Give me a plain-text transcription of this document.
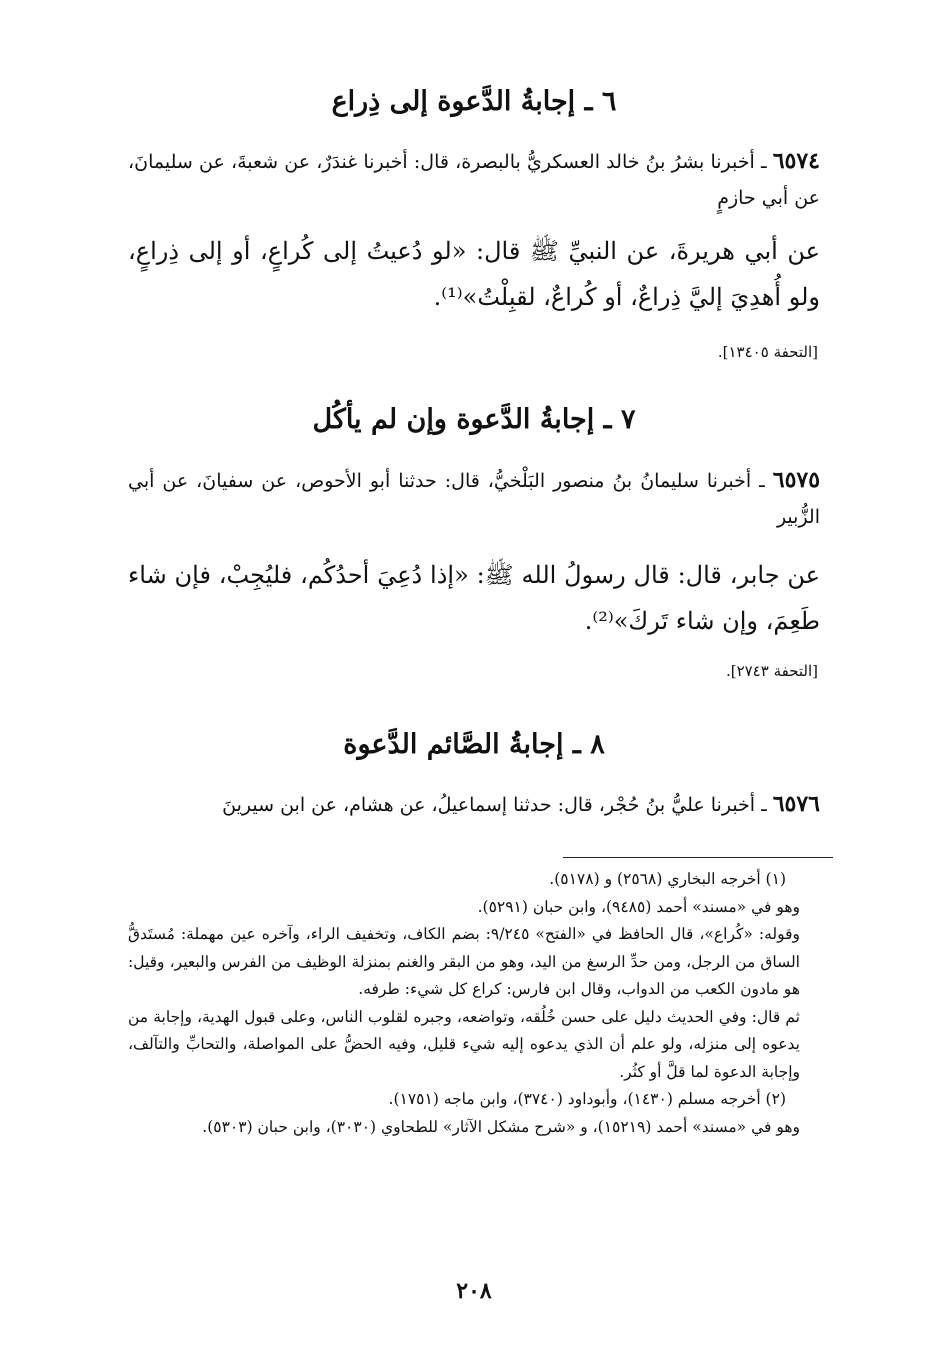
٦ ـ إجابةُ الدَّعوة إلى ذِراع
٦٥٧٤ ـ أخبرنا بشرُ بنُ خالد العسكريُّ بالبصرة، قال: أخبرنا غندَرٌ، عن شعبةَ، عن سليمانَ، عن أبي حازمٍ
عن أبي هريرةَ، عن النبيِّ ﷺ قال: «لو دُعيتُ إلى كُراعٍ، أو إلى ذِراعٍ، ولو أُهدِيَ إليَّ ذِراعٌ، أو كُراعٌ، لقبِلْتُ»⁽¹⁾.
[التحفة ١٣٤٠٥].
٧ ـ إجابةُ الدَّعوة وإن لم يأكُل
٦٥٧٥ ـ أخبرنا سليمانُ بنُ منصور البَلْخيُّ، قال: حدثنا أبو الأحوص، عن سفيانَ، عن أبي الزُّبير
عن جابر، قال: قال رسولُ الله ﷺ: «إذا دُعِيَ أحدُكُم، فليُجِبْ، فإن شاء طَعِمَ، وإن شاء تَركَ»⁽²⁾.
[التحفة ٢٧٤٣].
٨ ـ إجابةُ الصَّائم الدَّعوة
٦٥٧٦ ـ أخبرنا عليُّ بنُ حُجْر، قال: حدثنا إسماعيلُ، عن هشام، عن ابن سيرينَ

(١) أخرجه البخاري (٢٥٦٨) و (٥١٧٨).

وهو في «مسند» أحمد (٩٤٨٥)، وابن حبان (٥٢٩١).

وقوله: «كُراع»، قال الحافظ في «الفتح» ٩/٢٤٥: بضم الكاف، وتخفيف الراء، وآخره عين مهملة: مُستَدقُّ الساق من الرجل، ومن حدِّ الرسغ من اليد، وهو من البقر والغنم بمنزلة الوظيف من الفرس والبعير، وقيل: هو مادون الكعب من الدواب، وقال ابن فارس: كراع كل شيء: طرفه.

ثم قال: وفي الحديث دليل على حسن خُلُقه، وتواضعه، وجبره لقلوب الناس، وعلى قبول الهدية، وإجابة من يدعوه إلى منزله، ولو علم أن الذي يدعوه إليه شيء قليل، وفيه الحضُّ على المواصلة، والتحابِّ والتآلف، وإجابة الدعوة لما قلَّ أو كثُر.

(٢) أخرجه مسلم (١٤٣٠)، وأبوداود (٣٧٤٠)، وابن ماجه (١٧٥١).

وهو في «مسند» أحمد (١٥٢١٩)، و «شرح مشكل الآثار» للطحاوي (٣٠٣٠)، وابن حبان (٥٣٠٣).

٢٠٨
